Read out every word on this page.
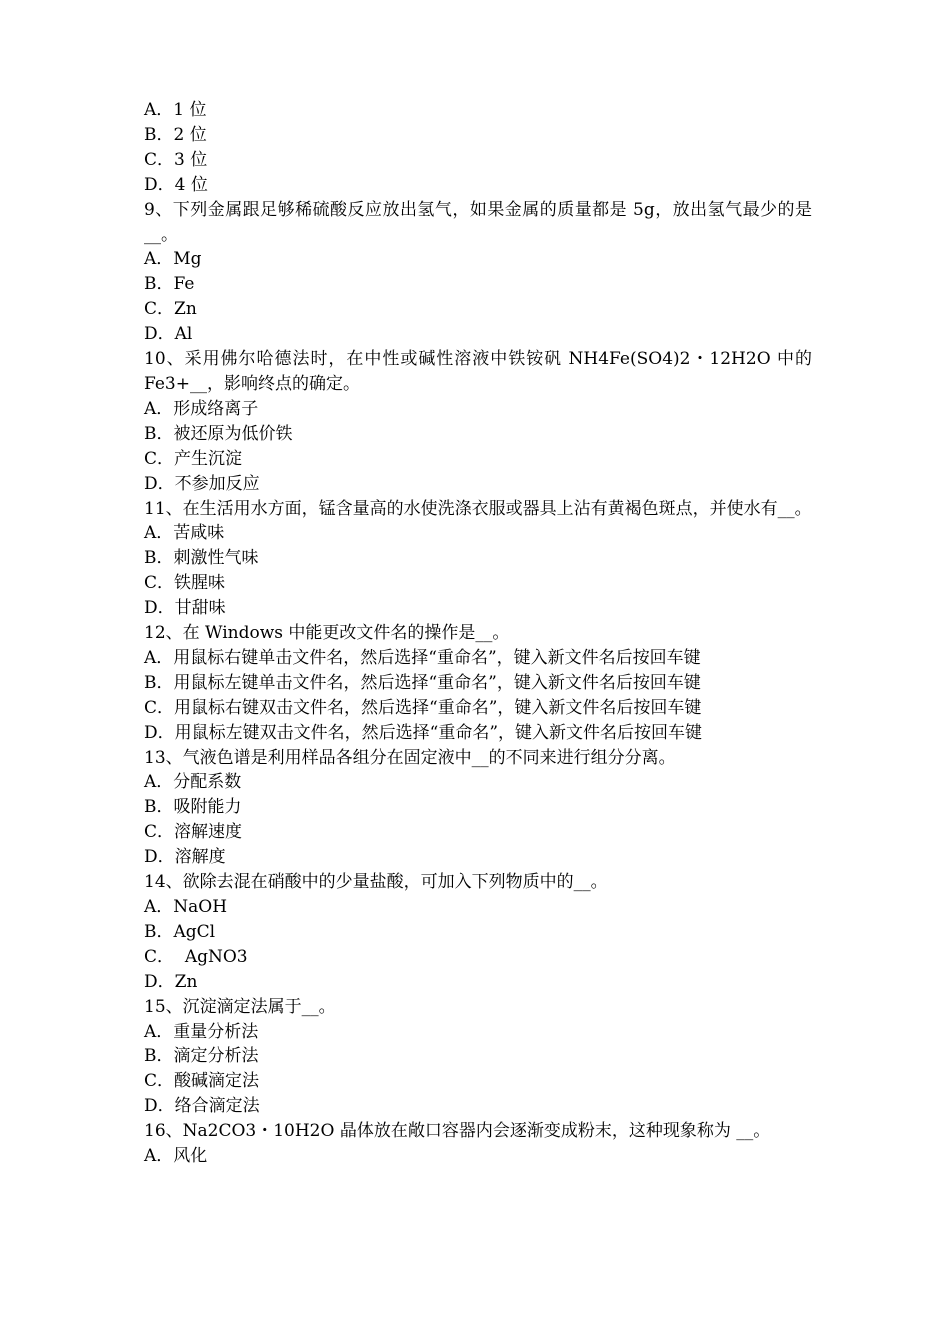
A．1 位
B．2 位
C．3 位
D．4 位
9、下列金属跟足够稀硫酸反应放出氢气，如果金属的质量都是 5g，放出氢气最少的是__。
A．Mg
B．Fe
C．Zn
D．Al
10、采用佛尔哈德法时，在中性或碱性溶液中铁铵矾 NH4Fe(SO4)2・12H2O 中的 Fe3+__，影响终点的确定。
A．形成络离子
B．被还原为低价铁
C．产生沉淀
D．不参加反应
11、在生活用水方面，锰含量高的水使洗涤衣服或器具上沾有黄褐色斑点，并使水有__。
A．苦咸味
B．刺激性气味
C．铁腥味
D．甘甜味
12、在 Windows 中能更改文件名的操作是__。
A．用鼠标右键单击文件名，然后选择“重命名”，键入新文件名后按回车键
B．用鼠标左键单击文件名，然后选择“重命名”，键入新文件名后按回车键
C．用鼠标右键双击文件名，然后选择“重命名”，键入新文件名后按回车键
D．用鼠标左键双击文件名，然后选择“重命名”，键入新文件名后按回车键
13、气液色谱是利用样品各组分在固定液中__的不同来进行组分分离。
A．分配系数
B．吸附能力
C．溶解速度
D．溶解度
14、欲除去混在硝酸中的少量盐酸，可加入下列物质中的__。
A．NaOH
B．AgCl
C．  AgNO3
D．Zn
15、沉淀滴定法属于__。
A．重量分析法
B．滴定分析法
C．酸碱滴定法
D．络合滴定法
16、Na2CO3・10H2O 晶体放在敞口容器内会逐渐变成粉末，这种现象称为 __。
A．风化
